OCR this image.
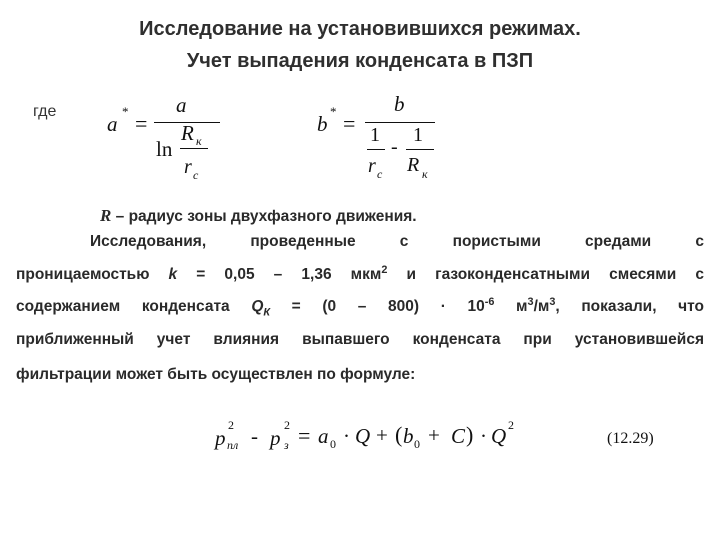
Исследование на установившихся режимах.
Учет выпадения конденсата в ПЗП
где
a
* =
a
ln
R к
r с
b
* =
b
1
r с
-
1
R к
R – радиус зоны двухфазного движения.
Исследования, проведенные с пористыми средами с
проницаемостью k = 0,05 – 1,36 мкм$^2$ и газоконденсатными смесями с
содержанием конденсата $Q_К = (0 - 800) \cdot 10^{-6}$ $м^3/м^3$, показали, что
приближенный учет влияния выпавшего конденсата при установившейся
фильтрации может быть осуществлен по формуле:
p
2
пл - p
2
з = a 0 · Q + ( b 0 + C ) · Q 2
(12.29)
